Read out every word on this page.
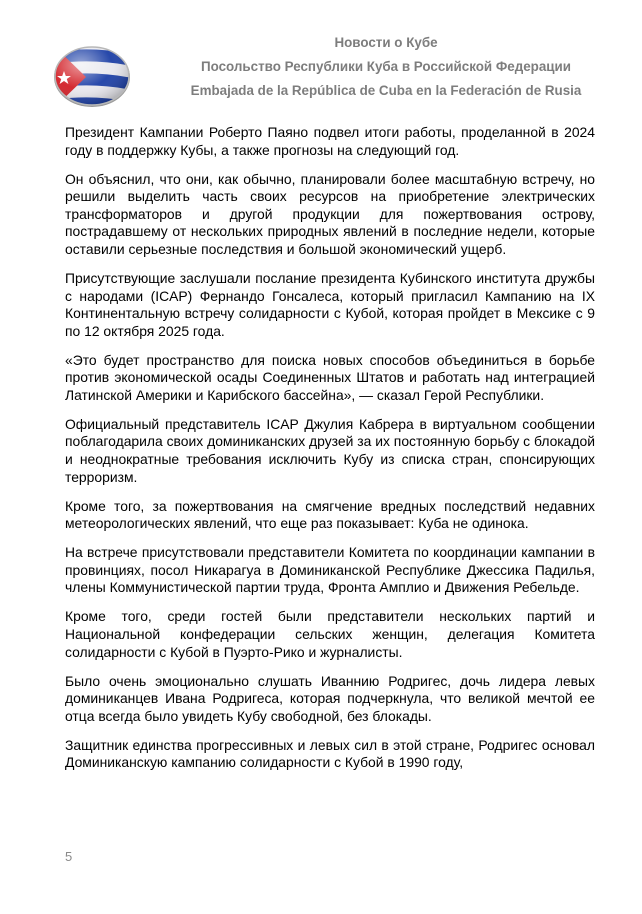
Новости о Кубе
Посольство Республики Куба в Российской Федерации
Embajada de la República de Cuba en la Federación de Rusia

Президент Кампании Роберто Паяно подвел итоги работы, проделанной в 2024 году в поддержку Кубы, а также прогнозы на следующий год.

Он объяснил, что они, как обычно, планировали более масштабную встречу, но решили выделить часть своих ресурсов на приобретение электрических трансформаторов и другой продукции для пожертвования острову, пострадавшему от нескольких природных явлений в последние недели, которые оставили серьезные последствия и большой экономический ущерб.

Присутствующие заслушали послание президента Кубинского института дружбы с народами (ICAP) Фернандо Гонсалеса, который пригласил Кампанию на IX Континентальную встречу солидарности с Кубой, которая пройдет в Мексике с 9 по 12 октября 2025 года.

«Это будет пространство для поиска новых способов объединиться в борьбе против экономической осады Соединенных Штатов и работать над интеграцией Латинской Америки и Карибского бассейна», — сказал Герой Республики.

Официальный представитель ICAP Джулия Кабрера в виртуальном сообщении поблагодарила своих доминиканских друзей за их постоянную борьбу с блокадой и неоднократные требования исключить Кубу из списка стран, спонсирующих терроризм.

Кроме того, за пожертвования на смягчение вредных последствий недавних метеорологических явлений, что еще раз показывает: Куба не одинока.

На встрече присутствовали представители Комитета по координации кампании в провинциях, посол Никарагуа в Доминиканской Республике Джессика Падилья, члены Коммунистической партии труда, Фронта Амплио и Движения Ребельде.

Кроме того, среди гостей были представители нескольких партий и Национальной конфедерации сельских женщин, делегация Комитета солидарности с Кубой в Пуэрто-Рико и журналисты.

Было очень эмоционально слушать Иваннию Родригес, дочь лидера левых доминиканцев Ивана Родригеса, которая подчеркнула, что великой мечтой ее отца всегда было увидеть Кубу свободной, без блокады.

Защитник единства прогрессивных и левых сил в этой стране, Родригес основал Доминиканскую кампанию солидарности с Кубой в 1990 году,

5
